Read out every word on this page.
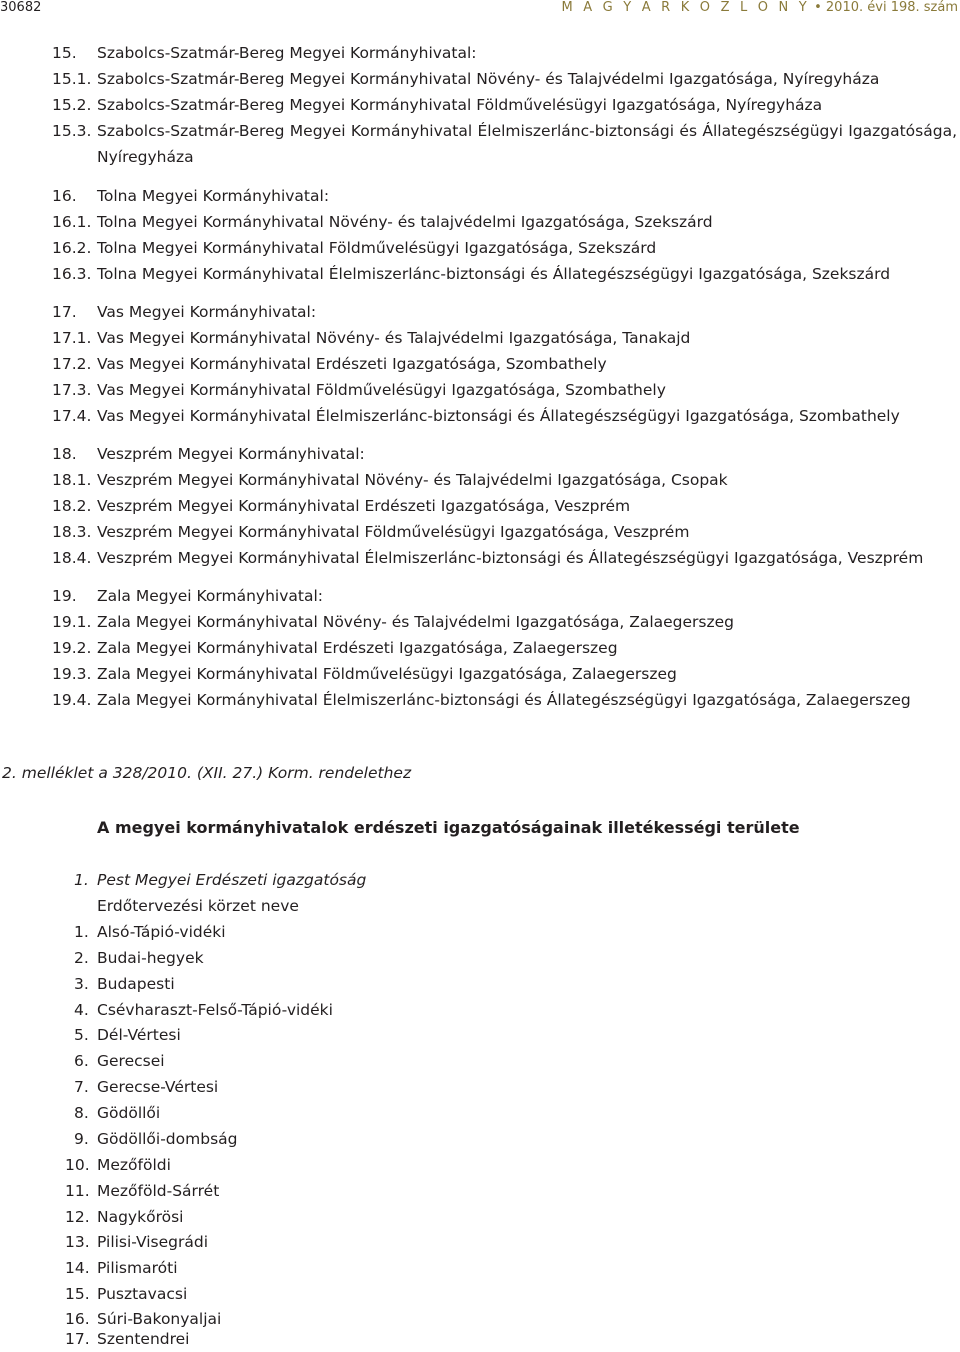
30682	M A G Y A R K Ö Z L Ö N Y • 2010. évi 198. szám
15. Szabolcs-Szatmár-Bereg Megyei Kormányhivatal:
15.1. Szabolcs-Szatmár-Bereg Megyei Kormányhivatal Növény- és Talajvédelmi Igazgatósága, Nyíregyháza
15.2. Szabolcs-Szatmár-Bereg Megyei Kormányhivatal Földművelésügyi Igazgatósága, Nyíregyháza
15.3. Szabolcs-Szatmár-Bereg Megyei Kormányhivatal Élelmiszerlánc-biztonsági és Állategészségügyi Igazgatósága,
Nyíregyháza
16. Tolna Megyei Kormányhivatal:
16.1. Tolna Megyei Kormányhivatal Növény- és talajvédelmi Igazgatósága, Szekszárd
16.2. Tolna Megyei Kormányhivatal Földművelésügyi Igazgatósága, Szekszárd
16.3. Tolna Megyei Kormányhivatal Élelmiszerlánc-biztonsági és Állategészségügyi Igazgatósága, Szekszárd
17. Vas Megyei Kormányhivatal:
17.1. Vas Megyei Kormányhivatal Növény- és Talajvédelmi Igazgatósága, Tanakajd
17.2. Vas Megyei Kormányhivatal Erdészeti Igazgatósága, Szombathely
17.3. Vas Megyei Kormányhivatal Földművelésügyi Igazgatósága, Szombathely
17.4. Vas Megyei Kormányhivatal Élelmiszerlánc-biztonsági és Állategészségügyi Igazgatósága, Szombathely
18. Veszprém Megyei Kormányhivatal:
18.1. Veszprém Megyei Kormányhivatal Növény- és Talajvédelmi Igazgatósága, Csopak
18.2. Veszprém Megyei Kormányhivatal Erdészeti Igazgatósága, Veszprém
18.3. Veszprém Megyei Kormányhivatal Földművelésügyi Igazgatósága, Veszprém
18.4. Veszprém Megyei Kormányhivatal Élelmiszerlánc-biztonsági és Állategészségügyi Igazgatósága, Veszprém
19. Zala Megyei Kormányhivatal:
19.1. Zala Megyei Kormányhivatal Növény- és Talajvédelmi Igazgatósága, Zalaegerszeg
19.2. Zala Megyei Kormányhivatal Erdészeti Igazgatósága, Zalaegerszeg
19.3. Zala Megyei Kormányhivatal Földművelésügyi Igazgatósága, Zalaegerszeg
19.4. Zala Megyei Kormányhivatal Élelmiszerlánc-biztonsági és Állategészségügyi Igazgatósága, Zalaegerszeg
2. melléklet a 328/2010. (XII. 27.) Korm. rendelethez
A megyei kormányhivatalok erdészeti igazgatóságainak illetékességi területe
1. Pest Megyei Erdészeti igazgatóság
Erdőtervezési körzet neve
1. Alsó-Tápió-vidéki
2. Budai-hegyek
3. Budapesti
4. Csévharaszt-Felső-Tápió-vidéki
5. Dél-Vértesi
6. Gerecsei
7. Gerecse-Vértesi
8. Gödöllői
9. Gödöllői-dombság
10. Mezőföldi
11. Mezőföld-Sárrét
12. Nagykőrösi
13. Pilisi-Visegrádi
14. Pilismaróti
15. Pusztavacsi
16. Súri-Bakonyaljai
17. Szentendrei
